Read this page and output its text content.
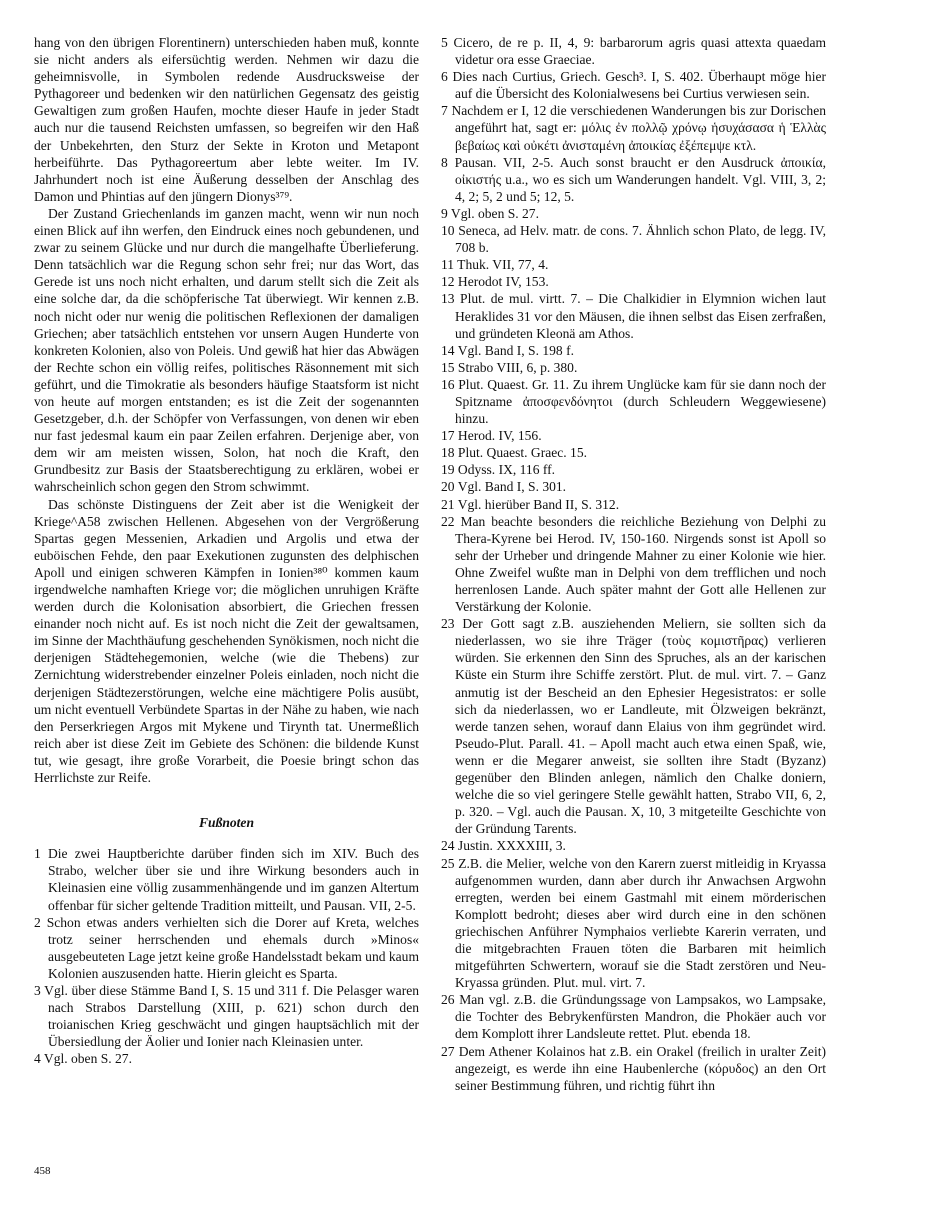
hang von den übrigen Florentinern) unterschieden haben muß, konnte sie nicht anders als eifersüchtig werden. Nehmen wir dazu die geheimnisvolle, in Symbolen redende Ausdrucksweise der Pythagoreer und bedenken wir den natürlichen Gegensatz des geistig Gewaltigen zum großen Haufen, mochte dieser Haufe in jeder Stadt auch nur die tausend Reichsten umfassen, so begreifen wir den Haß der Unbekehrten, den Sturz der Sekte in Kroton und Metapont herbeiführte. Das Pythagoreertum aber lebte weiter. Im IV. Jahrhundert noch ist eine Äußerung desselben der Anschlag des Damon und Phintias auf den jüngern Dionys³⁷⁹.

Der Zustand Griechenlands im ganzen macht, wenn wir nun noch einen Blick auf ihn werfen, den Eindruck eines noch gebundenen, und zwar zu seinem Glücke und nur durch die mangelhafte Überlieferung. Denn tatsächlich war die Regung schon sehr frei; nur das Wort, das Gerede ist uns noch nicht erhalten, und darum stellt sich die Zeit als eine solche dar, da die schöpferische Tat überwiegt. Wir kennen z.B. noch nicht oder nur wenig die politischen Reflexionen der damaligen Griechen; aber tatsächlich entstehen vor unsern Augen Hunderte von konkreten Kolonien, also von Poleis. Und gewiß hat hier das Abwägen der Rechte schon ein völlig reifes, politisches Räsonnement mit sich geführt, und die Timokratie als besonders häufige Staatsform ist nicht von heute auf morgen entstanden; es ist die Zeit der sogenannten Gesetzgeber, d.h. der Schöpfer von Verfassungen, von denen wir eben nur fast jedesmal kaum ein paar Zeilen erfahren. Derjenige aber, von dem wir am meisten wissen, Solon, hat noch die Kraft, den Grundbesitz zur Basis der Staatsberechtigung zu erklären, wobei er wahrscheinlich schon gegen den Strom schwimmt.

Das schönste Distinguens der Zeit aber ist die Wenigkeit der Kriege^A58 zwischen Hellenen. Abgesehen von der Vergrößerung Spartas gegen Messenien, Arkadien und Argolis und etwa der euböischen Fehde, den paar Exekutionen zugunsten des delphischen Apoll und einigen schweren Kämpfen in Ionien³⁸⁰ kommen kaum irgendwelche namhaften Kriege vor; die möglichen unruhigen Kräfte werden durch die Kolonisation absorbiert, die Griechen fressen einander noch nicht auf. Es ist noch nicht die Zeit der gewaltsamen, im Sinne der Machthäufung geschehenden Synökismen, noch nicht die derjenigen Städtehegemonien, welche (wie die Thebens) zur Zernichtung widerstrebender einzelner Poleis einladen, noch nicht die derjenigen Städtezerstörungen, welche eine mächtigere Polis ausübt, um nicht eventuell Verbündete Spartas in der Nähe zu haben, wie nach den Perserkriegen Argos mit Mykene und Tirynth tat. Unermeßlich reich aber ist diese Zeit im Gebiete des Schönen: die bildende Kunst tut, wie gesagt, ihre große Vorarbeit, die Poesie bringt schon das Herrlichste zur Reife.

Fußnoten

1 Die zwei Hauptberichte darüber finden sich im XIV. Buch des Strabo, welcher über sie und ihre Wirkung besonders auch in Kleinasien eine völlig zusammenhängende und im ganzen Altertum offenbar für sicher geltende Tradition mitteilt, und Pausan. VII, 2-5.

2 Schon etwas anders verhielten sich die Dorer auf Kreta, welches trotz seiner herrschenden und ehemals durch »Minos« ausgebeuteten Lage jetzt keine große Handelsstadt bekam und kaum Kolonien auszusenden hatte. Hierin gleicht es Sparta.

3 Vgl. über diese Stämme Band I, S. 15 und 311 f. Die Pelasger waren nach Strabos Darstellung (XIII, p. 621) schon durch den troianischen Krieg geschwächt und gingen hauptsächlich mit der Übersiedlung der Äolier und Ionier nach Kleinasien unter.

4 Vgl. oben S. 27.

5 Cicero, de re p. II, 4, 9: barbarorum agris quasi attexta quaedam videtur ora esse Graeciae.

6 Dies nach Curtius, Griech. Gesch³. I, S. 402. Überhaupt möge hier auf die Übersicht des Kolonialwesens bei Curtius verwiesen sein.

7 Nachdem er I, 12 die verschiedenen Wanderungen bis zur Dorischen angeführt hat, sagt er: μόλις ἐν πολλῷ χρόνῳ ἡσυχάσασα ἡ Ἑλλὰς βεβαίως καὶ οὐκέτι ἀνισταμένη ἀποικίας ἐξέπεμψε κτλ.

8 Pausan. VII, 2-5. Auch sonst braucht er den Ausdruck ἀποικία, οἰκιστής u.a., wo es sich um Wanderungen handelt. Vgl. VIII, 3, 2; 4, 2; 5, 2 und 5; 12, 5.

9 Vgl. oben S. 27.

10 Seneca, ad Helv. matr. de cons. 7. Ähnlich schon Plato, de legg. IV, 708 b.

11 Thuk. VII, 77, 4.

12 Herodot IV, 153.

13 Plut. de mul. virtt. 7. – Die Chalkidier in Elymnion wichen laut Heraklides 31 vor den Mäusen, die ihnen selbst das Eisen zerfraßen, und gründeten Kleonä am Athos.

14 Vgl. Band I, S. 198 f.

15 Strabo VIII, 6, p. 380.

16 Plut. Quaest. Gr. 11. Zu ihrem Unglücke kam für sie dann noch der Spitzname ἀποσφενδόνητοι (durch Schleudern Weggewiesene) hinzu.

17 Herod. IV, 156.

18 Plut. Quaest. Graec. 15.

19 Odyss. IX, 116 ff.

20 Vgl. Band I, S. 301.

21 Vgl. hierüber Band II, S. 312.

22 Man beachte besonders die reichliche Beziehung von Delphi zu Thera-Kyrene bei Herod. IV, 150-160. Nirgends sonst ist Apoll so sehr der Urheber und dringende Mahner zu einer Kolonie wie hier. Ohne Zweifel wußte man in Delphi von dem trefflichen und noch herrenlosen Lande. Auch später mahnt der Gott alle Hellenen zur Verstärkung der Kolonie.

23 Der Gott sagt z.B. ausziehenden Meliern, sie sollten sich da niederlassen, wo sie ihre Träger (τοὺς κομιστῆρας) verlieren würden. Sie erkennen den Sinn des Spruches, als an der karischen Küste ein Sturm ihre Schiffe zerstört. Plut. de mul. virt. 7. – Ganz anmutig ist der Bescheid an den Ephesier Hegesistratos: er solle sich da niederlassen, wo er Landleute, mit Ölzweigen bekränzt, werde tanzen sehen, worauf dann Elaius von ihm gegründet wird. Pseudo-Plut. Parall. 41. – Apoll macht auch etwa einen Spaß, wie, wenn er die Megarer anweist, sie sollten ihre Stadt (Byzanz) gegenüber den Blinden anlegen, nämlich den Chalke doniern, welche die so viel geringere Stelle gewählt hatten, Strabo VII, 6, 2, p. 320. – Vgl. auch die Pausan. X, 10, 3 mitgeteilte Geschichte von der Gründung Tarents.

24 Justin. XXXXIII, 3.

25 Z.B. die Melier, welche von den Karern zuerst mitleidig in Kryassa aufgenommen wurden, dann aber durch ihr Anwachsen Argwohn erregten, werden bei einem Gastmahl mit einem mörderischen Komplott bedroht; dieses aber wird durch eine in den schönen griechischen Anführer Nymphaios verliebte Karerin verraten, und die mitgebrachten Frauen töten die Barbaren mit heimlich mitgeführten Schwertern, worauf sie die Stadt zerstören und Neu-Kryassa gründen. Plut. mul. virt. 7.

26 Man vgl. z.B. die Gründungssage von Lampsakos, wo Lampsake, die Tochter des Bebrykenfürsten Mandron, die Phokäer auch vor dem Komplott ihrer Landsleute rettet. Plut. ebenda 18.

27 Dem Athener Kolainos hat z.B. ein Orakel (freilich in uralter Zeit) angezeigt, es werde ihn eine Haubenlerche (κόρυδος) an den Ort seiner Bestimmung führen, und richtig führt ihn

458
